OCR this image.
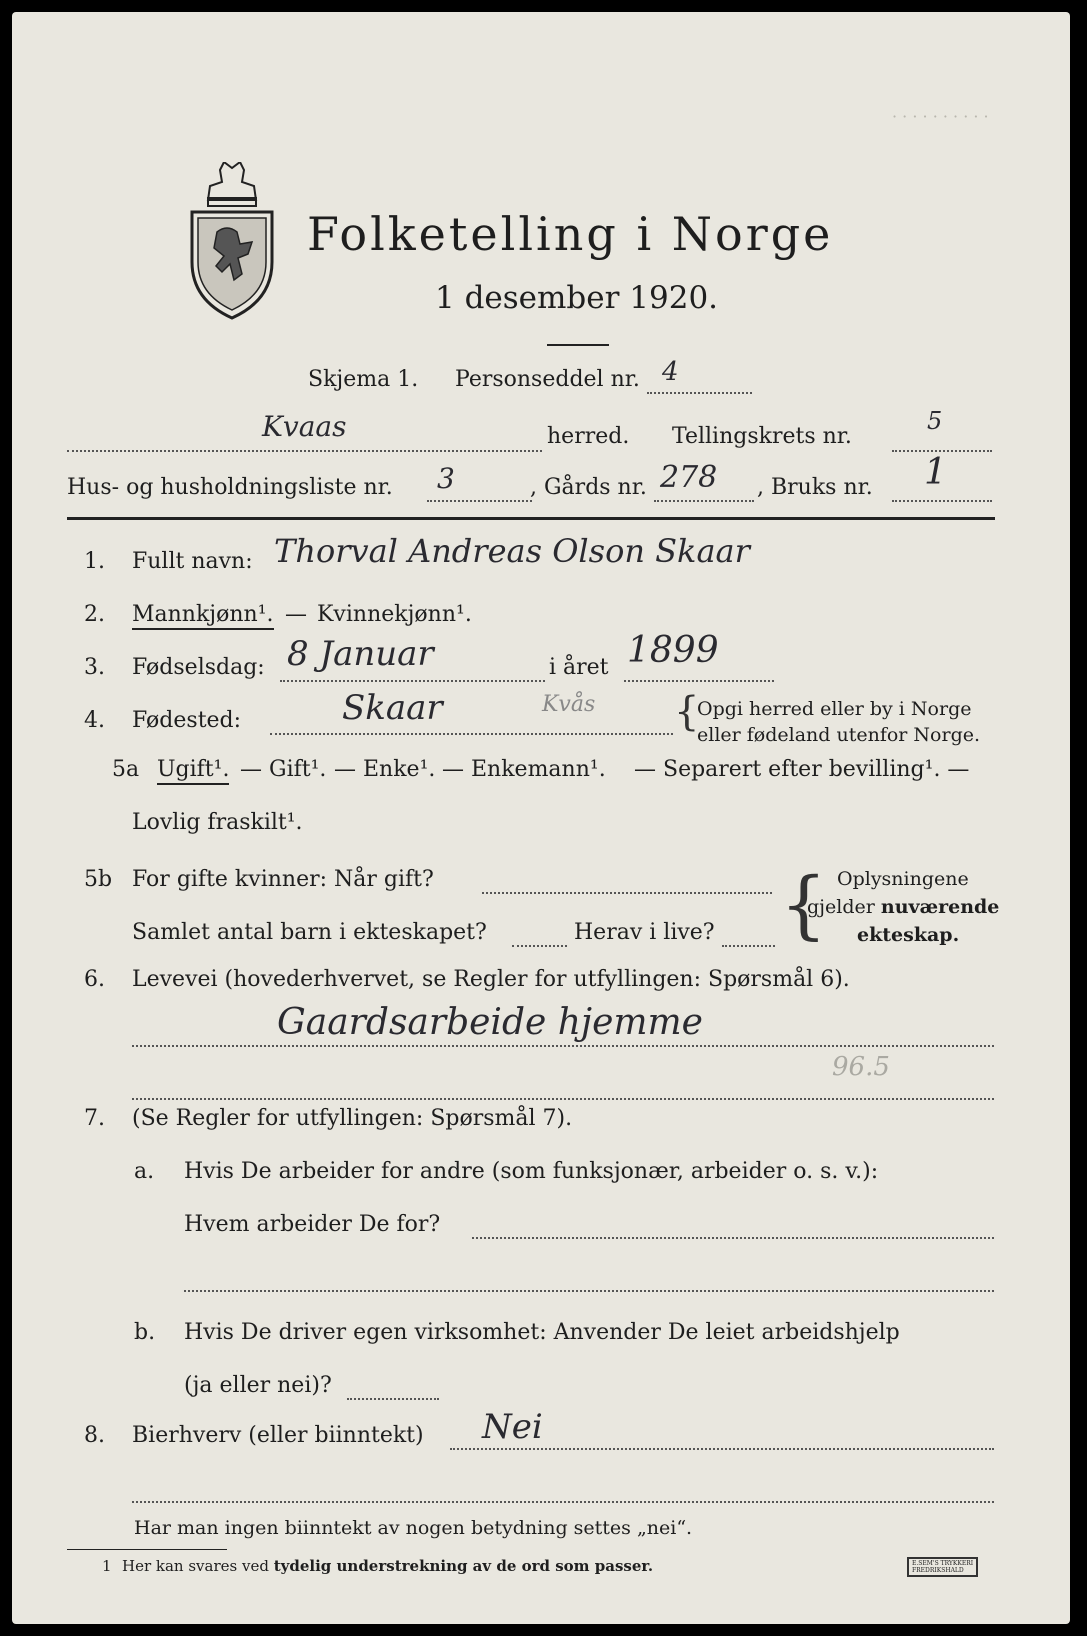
· · · · · · · · · ·
Folketelling i Norge
1 desember 1920.
Skjema 1. Personseddel nr. 4
Kvaas	herred. Tellingskrets nr.
5
Hus- og husholdningsliste nr. 3	, Gårds nr. 278 , Bruks nr. 1
1. Fullt navn: Thorval Andreas Olson Skaar
2. Mannkjønn¹. — Kvinnekjønn¹.
3. Fødselsdag: 8 Januar	i året 1899
4. Fødested:	Skaar	Kvås {
Opgi herred eller by i Norge
eller fødeland utenfor Norge.
5a Ugift¹. — Gift¹. — Enke¹. — Enkemann¹. — Separert efter bevilling¹. —
Lovlig fraskilt¹.
5b For gifte kvinner: Når gift?
Samlet antal barn i ekteskapet?	Herav i live? { Oplysningene
gjelder nuværende
ekteskap.
6. Levevei (hovederhvervet, se Regler for utfyllingen: Spørsmål 6).
Gaardsarbeide hjemme
96.5
7. (Se Regler for utfyllingen: Spørsmål 7).
a. Hvis De arbeider for andre (som funksjonær, arbeider o. s. v.):
Hvem arbeider De for?
b. Hvis De driver egen virksomhet: Anvender De leiet arbeidshjelp
(ja eller nei)?
8. Bierhverv (eller biinntekt) Nei
Har man ingen biinntekt av nogen betydning settes „nei“.
1 Her kan svares ved tydelig understrekning av de ord som passer.	E.SEM'S TRYKKERI
FREDRIKSHALD
